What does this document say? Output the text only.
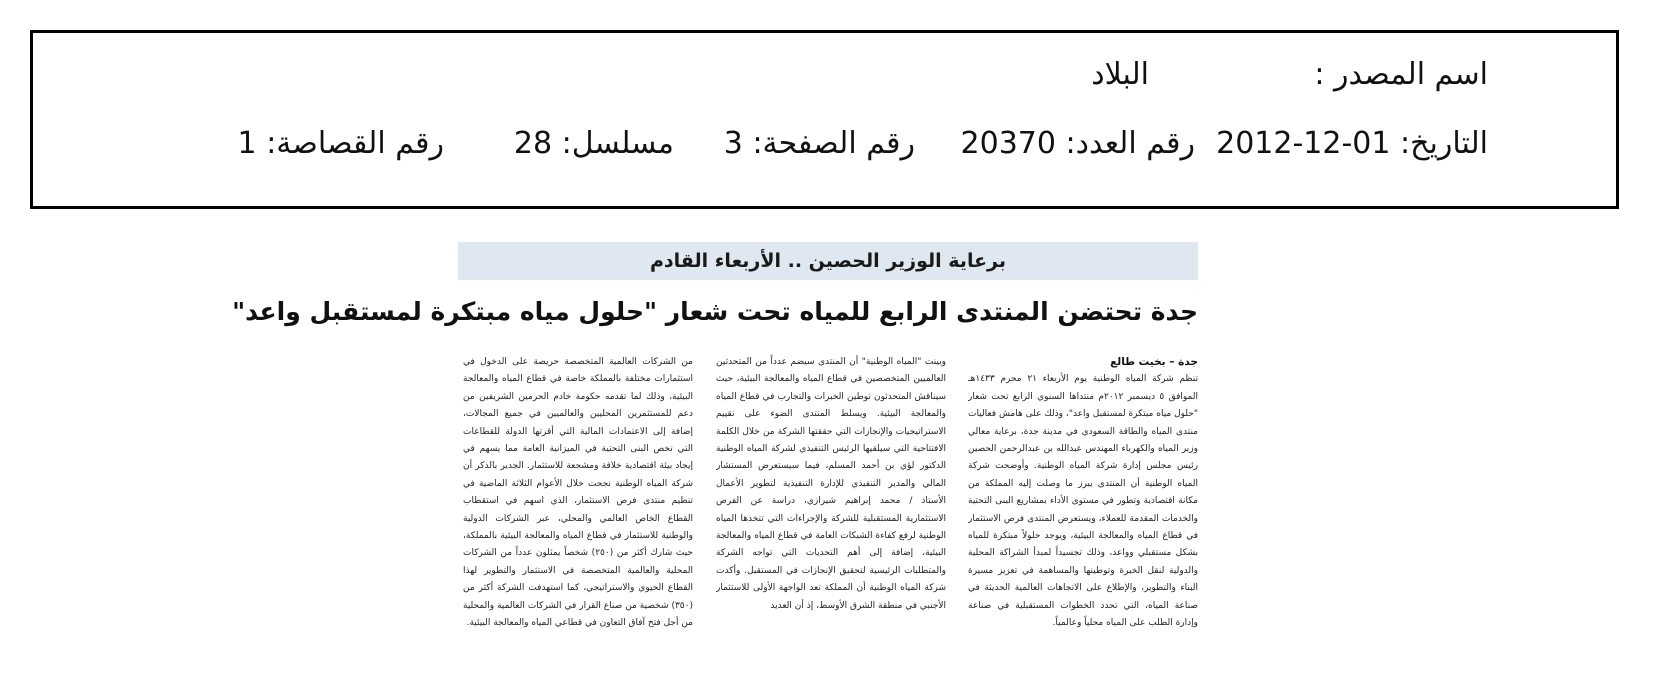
اسم المصدر :
البلاد
التاريخ: 2012-12-01
رقم العدد: 20370
رقم الصفحة: 3
مسلسل: 28
رقم القصاصة: 1
برعاية الوزير الحصين .. الأربعاء القادم
جدة تحتضن المنتدى الرابع للمياه تحت شعار "حلول مياه مبتكرة لمستقبل واعد"
جدة – بخيت طالع

تنظم شركة المياه الوطنية يوم الأربعاء ٢١ محرم ١٤٣٣هـ الموافق ٥ ديسمبر ٢٠١٢م منتداها السنوي الرابع تحت شعار "حلول مياه مبتكرة لمستقبل واعد"، وذلك على هامش فعاليات منتدى المياه والطاقة السعودي في مدينة جدة، برعاية معالي وزير المياه والكهرباء المهندس عبدالله بن عبدالرحمن الحصين رئيس مجلس إدارة شركة المياه الوطنية. وأوضحت شركة المياه الوطنية أن المنتدى يبرز ما وصلت إليه المملكة من مكانة اقتصادية وتطور في مستوى الأداء بمشاريع البنى التحتية والخدمات المقدمة للعملاء، ويستعرض المنتدى فرص الاستثمار في قطاع المياه والمعالجة البيئية، ويوجد حلولاً مبتكرة للمياه بشكل مستقبلي وواعد، وذلك تجسيداً لمبدأ الشراكة المحلية والدولية لنقل الخبرة وتوطينها والمساهمة في تعزيز مسيرة البناء والتطوير، والإطلاع على الاتجاهات العالمية الحديثة في صناعة المياه، التي تحدد الخطوات المستقبلية في صناعة وإدارة الطلب على المياه محلياً وعالمياً.

وبينت "المياه الوطنية" أن المنتدى سيضم عدداً من المتحدثين العالميين المتخصصين في قطاع المياه والمعالجة البيئية، حيث سيناقش المتحدثون توطين الخبرات والتجارب في قطاع المياه والمعالجة البيئية. ويسلط المنتدى الضوء على تقييم الاستراتيجيات والإنجازات التي حققتها الشركة من خلال الكلمة الافتتاحية التي سيلقيها الرئيس التنفيذي لشركة المياه الوطنية الدكتور لؤي بن أحمد المسلم، فيما سيستعرض المستشار المالي والمدير التنفيذي للإدارة التنفيذية لتطوير الأعمال الأستاذ / محمد إبراهيم شيرازي، دراسة عن الفرص الاستثمارية المستقبلية للشركة والإجراءات التي تتخذها المياه الوطنية لرفع كفاءة الشبكات العامة في قطاع المياه والمعالجة البيئية، إضافة إلى أهم التحديات التي تواجه الشركة والمتطلبات الرئيسية لتحقيق الإنجازات في المستقبل. وأكدت شركة المياه الوطنية أن المملكة تعد الواجهة الأولى للاستثمار الأجنبي في منطقة الشرق الأوسط، إذ أن العديد

من الشركات العالمية المتخصصة حريصة على الدخول في استثمارات مختلفة بالمملكة خاصة في قطاع المياه والمعالجة البيئية، وذلك لما تقدمه حكومة خادم الحرمين الشريفين من دعم للمستثمرين المحليين والعالميين في جميع المجالات، إضافة إلى الاعتمادات المالية التي أقرتها الدولة للقطاعات التي تخص البنى التحتية في الميزانية العامة مما يسهم في إيجاد بيئة اقتصادية خلاقة ومشجعة للاستثمار. الجدير بالذكر أن شركة المياه الوطنية نجحت خلال الأعوام الثلاثة الماضية في تنظيم منتدى فرص الاستثمار، الذي اسهم في استقطاب القطاع الخاص العالمي والمحلي، عبر الشركات الدولية والوطنية للاستثمار في قطاع المياه والمعالجة البيئية بالمملكة، حيث شارك أكثر من (٢٥٠) شخصاً يمثلون عدداً من الشركات المحلية والعالمية المتخصصة في الاستثمار والتطوير لهذا القطاع الحيوي والاستراتيجي، كما استهدفت الشركة أكثر من (٣٥٠) شخصية من صناع القرار في الشركات العالمية والمحلية من أجل فتح آفاق التعاون في قطاعي المياه والمعالجة البيئية.
